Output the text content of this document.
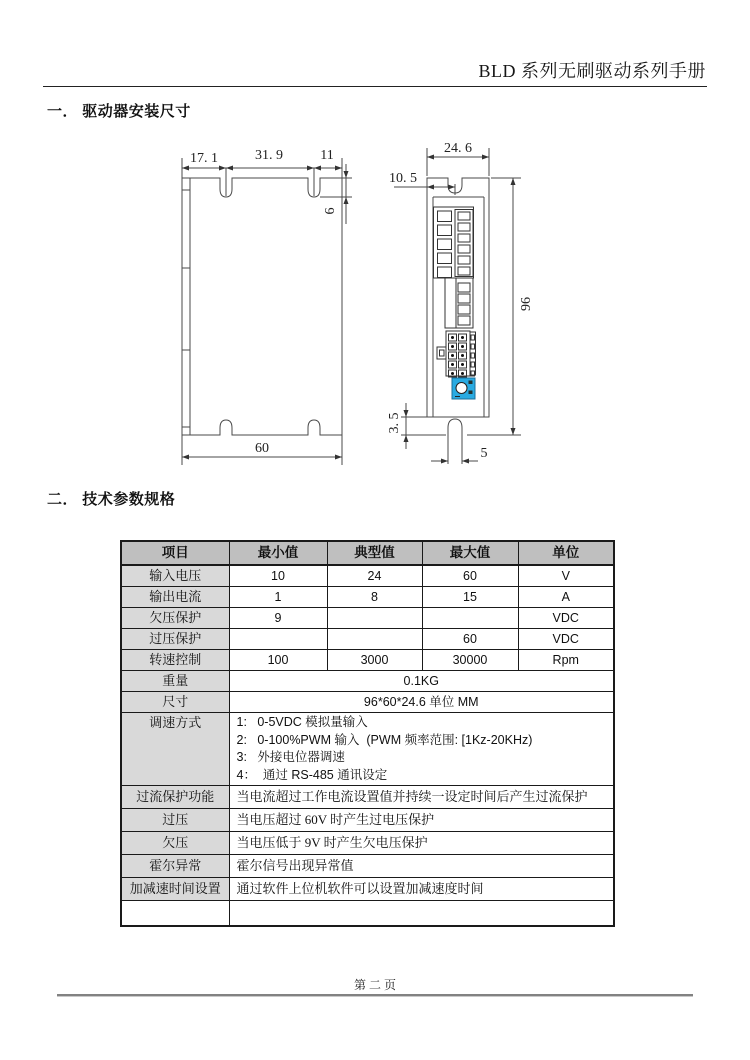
BLD 系列无刷驱动系列手册
一． 驱动器安装尺寸
17. 1	31. 9	11
6
60
24. 6
10. 5
96
3. 5
5
二． 技术参数规格
项目	最小值	典型值	最大值	单位
输入电压	10	24	60	V
输出电流	1	8	15	A
欠压保护	9			VDC
过压保护			60	VDC
转速控制	100	3000	30000	Rpm
重量	0.1KG			
尺寸	96*60*24.6 单位 MM			
调速方式	1:   0-5VDC 模拟量输入
2:   0-100%PWM 输入  (PWM 频率范围: [1Kz-20KHz)
3:   外接电位器调速
4：  通过 RS-485 通讯设定			

过流保护功能	当电流超过工作电流设置值并持续一设定时间后产生过流保护			
过压	当电压超过 60V 时产生过电压保护			
欠压	当电压低于 9V 时产生欠电压保护			
霍尔异常	霍尔信号出现异常值			
加减速时间设置	通过软件上位机软件可以设置加减速度时间			

第 二 页
